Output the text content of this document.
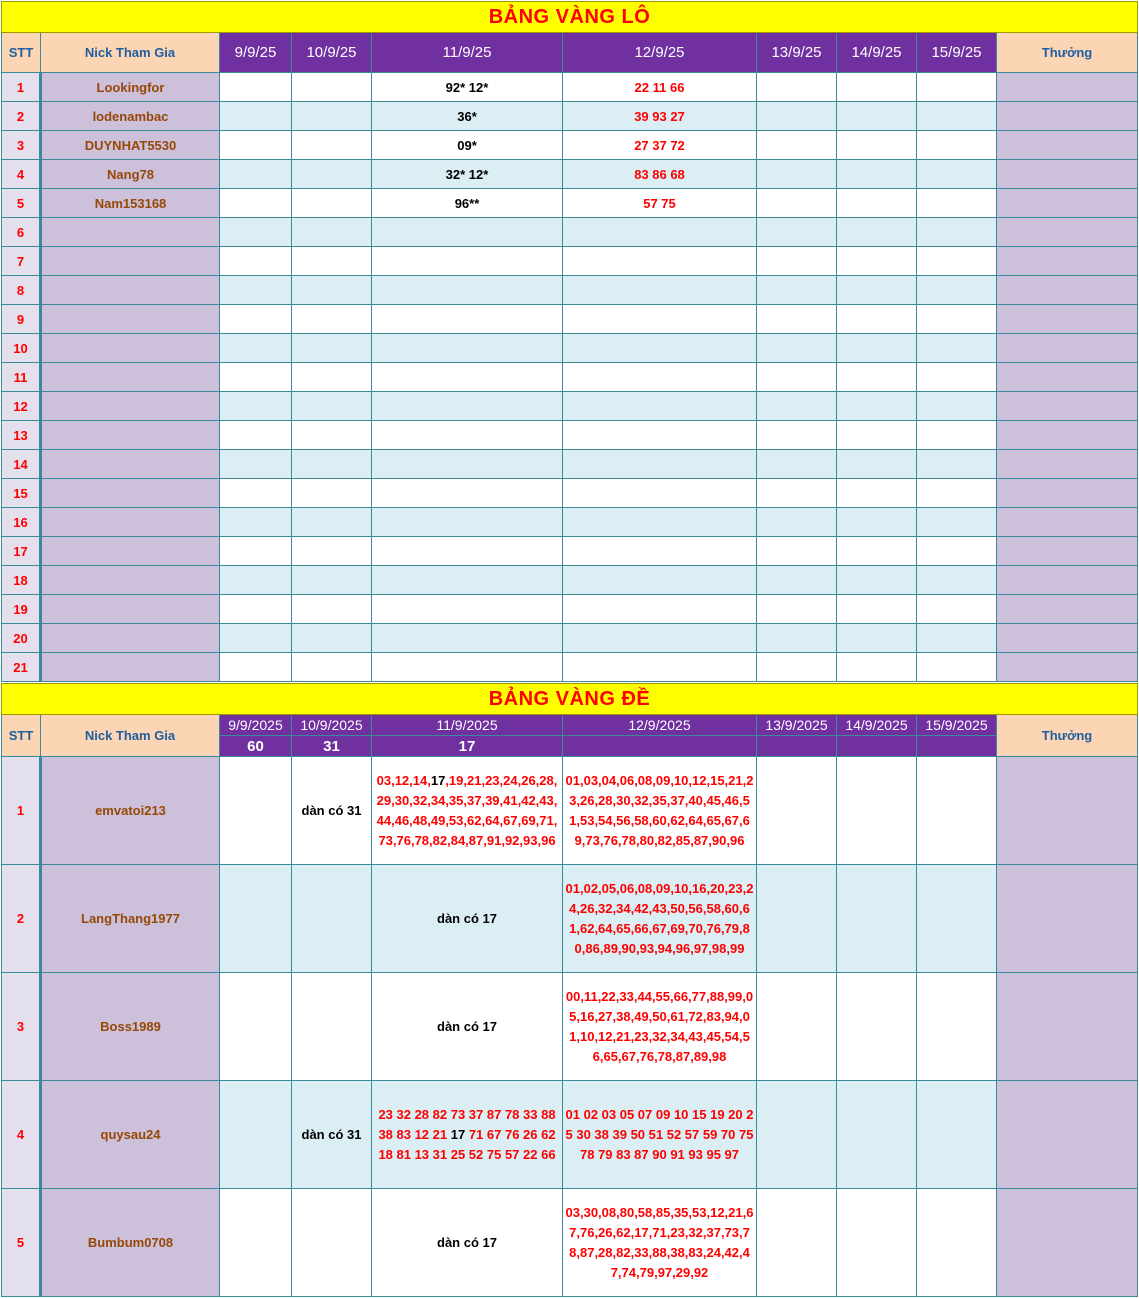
BẢNG VÀNG LÔ									
STT	Nick Tham Gia	9/9/25	10/9/25	11/9/25	12/9/25	13/9/25	14/9/25	15/9/25	Thưởng
1	Lookingfor			92* 12*	22 11 66				
2	lodenambac			36*	39 93 27				
3	DUYNHAT5530			09*	27 37 72				
4	Nang78			32* 12*	83 86 68				
5	Nam153168			96**	57 75				
6									
7									
8									
9									
10									
11									
12									
13									
14									
15									
16									
17									
18									
19									
20									
21									
BẢNG VÀNG ĐỀ									
STT	Nick Tham Gia	9/9/2025	10/9/2025	11/9/2025	12/9/2025	13/9/2025	14/9/2025	15/9/2025	Thưởng
		60	31	17					
1	emvatoi213		dàn có 31	03,12,14,17,19,21,23,24,26,28,29,30,32,34,35,37,39,41,42,43,44,46,48,49,53,62,64,67,69,71,73,76,78,82,84,87,91,92,93,96	01,03,04,06,08,09,10,12,15,21,23,26,28,30,32,35,37,40,45,46,51,53,54,56,58,60,62,64,65,67,69,73,76,78,80,82,85,87,90,96				
2	LangThang1977			dàn có 17	01,02,05,06,08,09,10,16,20,23,24,26,32,34,42,43,50,56,58,60,61,62,64,65,66,67,69,70,76,79,80,86,89,90,93,94,96,97,98,99				
3	Boss1989			dàn có 17	00,11,22,33,44,55,66,77,88,99,05,16,27,38,49,50,61,72,83,94,01,10,12,21,23,32,34,43,45,54,56,65,67,76,78,87,89,98				
4	quysau24		dàn có 31	23 32 28 82 73 37 87 78 33 88 38 83 12 21 17 71 67 76 26 62 18 81 13 31 25 52 75 57 22 66	01 02 03 05 07 09 10 15 19 20 25 30 38 39 50 51 52 57 59 70 75 78 79 83 87 90 91 93 95 97				
5	Bumbum0708			dàn có 17	03,30,08,80,58,85,35,53,12,21,67,76,26,62,17,71,23,32,37,73,78,87,28,82,33,88,38,83,24,42,47,74,79,97,29,92				
